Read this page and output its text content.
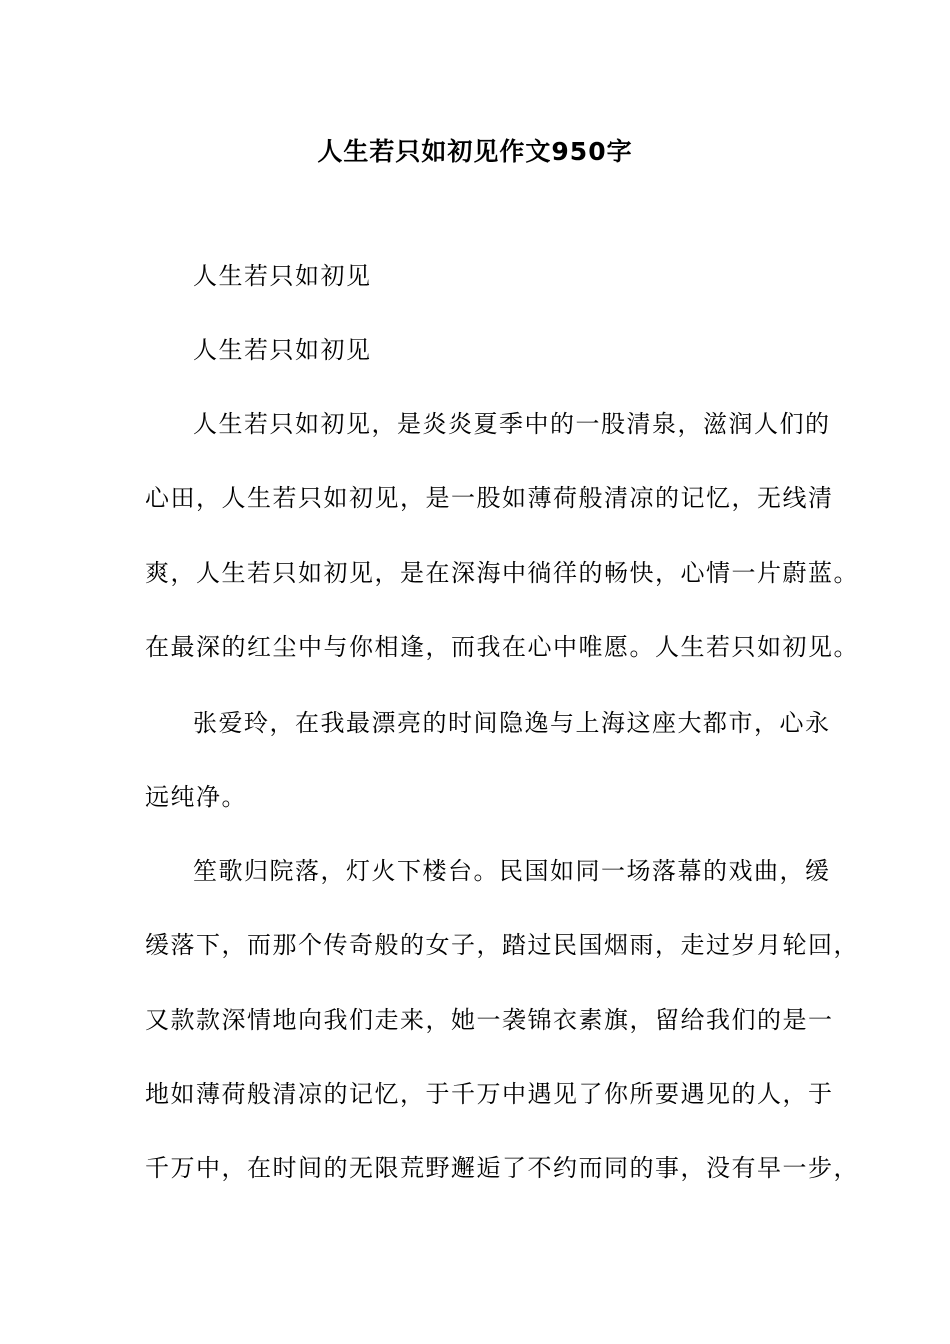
人生若只如初见作文950字
人生若只如初见
人生若只如初见
人生若只如初见，是炎炎夏季中的一股清泉，滋润人们的
心田，人生若只如初见，是一股如薄荷般清凉的记忆，无线清
爽，人生若只如初见，是在深海中徜徉的畅快，心情一片蔚蓝。
在最深的红尘中与你相逢，而我在心中唯愿。人生若只如初见。
张爱玲，在我最漂亮的时间隐逸与上海这座大都市，心永
远纯净。
笙歌归院落，灯火下楼台。民国如同一场落幕的戏曲，缓
缓落下，而那个传奇般的女子，踏过民国烟雨，走过岁月轮回，
又款款深情地向我们走来，她一袭锦衣素旗，留给我们的是一
地如薄荷般清凉的记忆，于千万中遇见了你所要遇见的人，于
千万中，在时间的无限荒野邂逅了不约而同的事，没有早一步，
